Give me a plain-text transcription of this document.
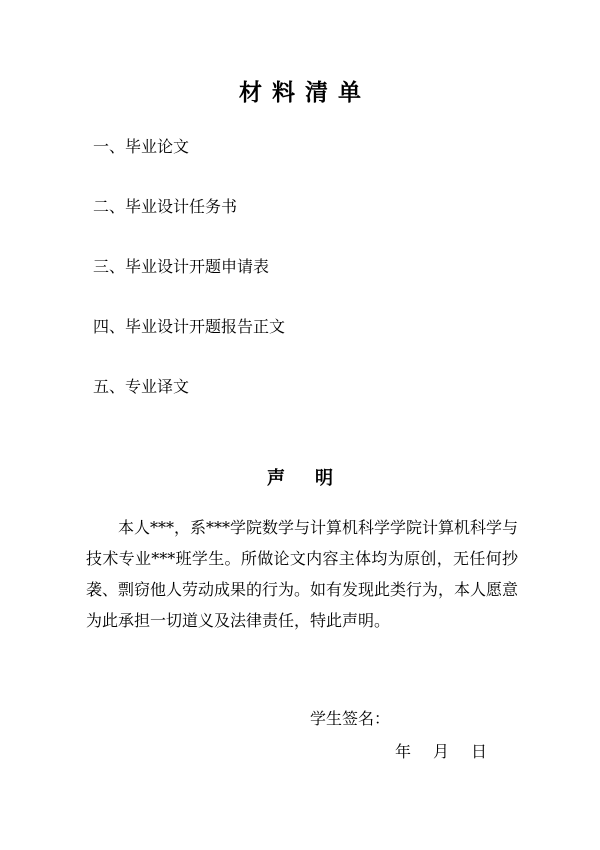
材料清单
一、毕业论文
二、毕业设计任务书
三、毕业设计开题申请表
四、毕业设计开题报告正文
五、专业译文
声 明

本人***，系***学院数学与计算机科学学院计算机科学与技术专业***班学生。所做论文内容主体均为原创，无任何抄袭、剽窃他人劳动成果的行为。如有发现此类行为，本人愿意为此承担一切道义及法律责任，特此声明。

学生签名：
年 月 日
